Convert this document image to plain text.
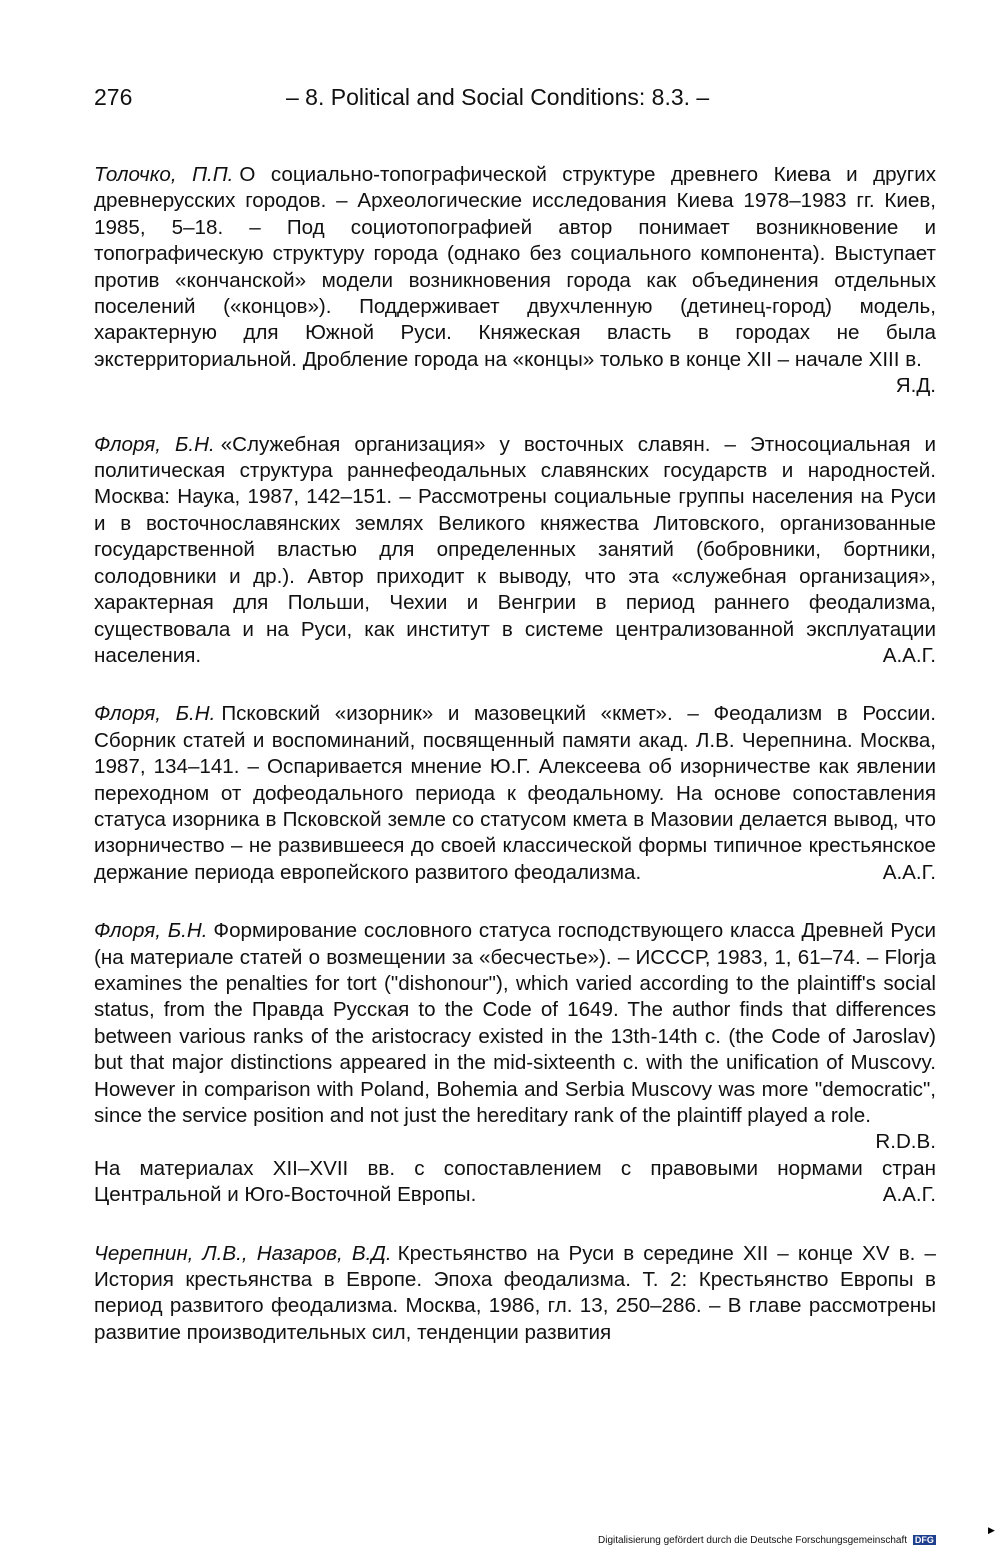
276	– 8. Political and Social Conditions: 8.3. –

Толочко, П.П. О социально-топографической структуре древнего Киева и других древнерусских городов. – Археологические исследования Киева 1978–1983 гг. Киев, 1985, 5–18. – Под социотопографией автор понимает возникновение и топографическую структуру города (однако без социального компонента). Выступает против «кончанской» модели возникновения города как объединения отдельных поселений («концов»). Поддерживает двухчленную (детинец-город) модель, характерную для Южной Руси. Княжеская власть в городах не была экстерриториальной. Дробление города на «концы» только в конце XII – начале XIII в.
Я.Д.

Флоря, Б.Н. «Служебная организация» у восточных славян. – Этносоциальная и политическая структура раннефеодальных славянских государств и народностей. Москва: Наука, 1987, 142–151. – Рассмотрены социальные группы населения на Руси и в восточнославянских землях Великого княжества Литовского, организованные государственной властью для определенных занятий (бобровники, бортники, солодовники и др.). Автор приходит к выводу, что эта «служебная организация», характерная для Польши, Чехии и Венгрии в период раннего феодализма, существовала и на Руси, как институт в системе централизованной эксплуатации населения.	А.А.Г.

Флоря, Б.Н. Псковский «изорник» и мазовецкий «кмет». – Феодализм в России. Сборник статей и воспоминаний, посвященный памяти акад. Л.В. Черепнина. Москва, 1987, 134–141. – Оспаривается мнение Ю.Г. Алексеева об изорничестве как явлении переходном от дофеодального периода к феодальному. На основе сопоставления статуса изорника в Псковской земле со статусом кмета в Мазовии делается вывод, что изорничество – не развившееся до своей классической формы типичное крестьянское держание периода европейского развитого феодализма.	А.А.Г.

Флоря, Б.Н. Формирование сословного статуса господствующего класса Древней Руси (на материале статей о возмещении за «бесчестье»). – ИСССР, 1983, 1, 61–74. – Florja examines the penalties for tort ("dishonour"), which varied according to the plaintiff's social status, from the Правда Русская to the Code of 1649. The author finds that differences between various ranks of the aristocracy existed in the 13th-14th c. (the Code of Jaroslav) but that major distinctions appeared in the mid-sixteenth c. with the unification of Muscovy. However in comparison with Poland, Bohemia and Serbia Muscovy was more "democratic", since the service position and not just the hereditary rank of the plaintiff played a role.
R.D.B.

На материалах XII–XVII вв. с сопоставлением с правовыми нормами стран Центральной и Юго-Восточной Европы.	А.А.Г.

Черепнин, Л.В., Назаров, В.Д. Крестьянство на Руси в середине XII – конце XV в. – История крестьянства в Европе. Эпоха феодализма. Т. 2: Крестьянство Европы в период развитого феодализма. Москва, 1986, гл. 13, 250–286. – В главе рассмотрены развитие производительных сил, тенденции развития

Digitalisierung gefördert durch die Deutsche Forschungsgemeinschaft DFG
▶
